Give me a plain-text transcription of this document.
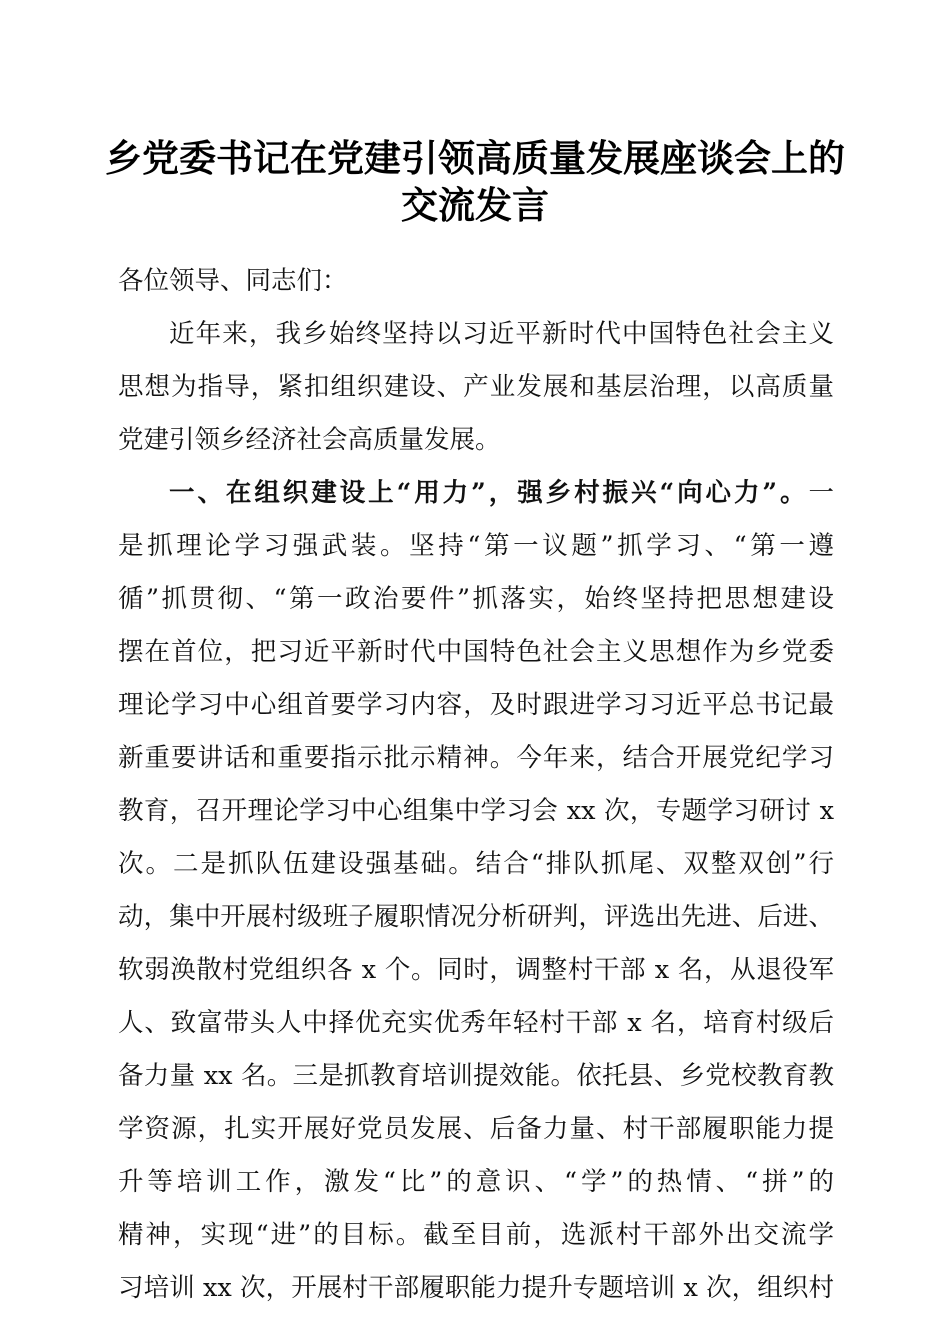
乡党委书记在党建引领高质量发展座谈会上的
交流发言
各位领导、同志们：
近年来，我乡始终坚持以习近平新时代中国特色社会主义
思想为指导，紧扣组织建设、产业发展和基层治理，以高质量
党建引领乡经济社会高质量发展。
一、在组织建设上“用力”，强乡村振兴“向心力”。一
是抓理论学习强武装。坚持“第一议题”抓学习、“第一遵
循”抓贯彻、“第一政治要件”抓落实，始终坚持把思想建设
摆在首位，把习近平新时代中国特色社会主义思想作为乡党委
理论学习中心组首要学习内容，及时跟进学习习近平总书记最
新重要讲话和重要指示批示精神。今年来，结合开展党纪学习
教育，召开理论学习中心组集中学习会 xx 次，专题学习研讨 x
次。二是抓队伍建设强基础。结合“排队抓尾、双整双创”行
动，集中开展村级班子履职情况分析研判，评选出先进、后进、
软弱涣散村党组织各 x 个。同时，调整村干部 x 名，从退役军
人、致富带头人中择优充实优秀年轻村干部 x 名，培育村级后
备力量 xx 名。三是抓教育培训提效能。依托县、乡党校教育教
学资源，扎实开展好党员发展、后备力量、村干部履职能力提
升等培训工作，激发“比”的意识、“学”的热情、“拼”的
精神，实现“进”的目标。截至目前，选派村干部外出交流学
习培训 xx 次，开展村干部履职能力提升专题培训 x 次，组织村
